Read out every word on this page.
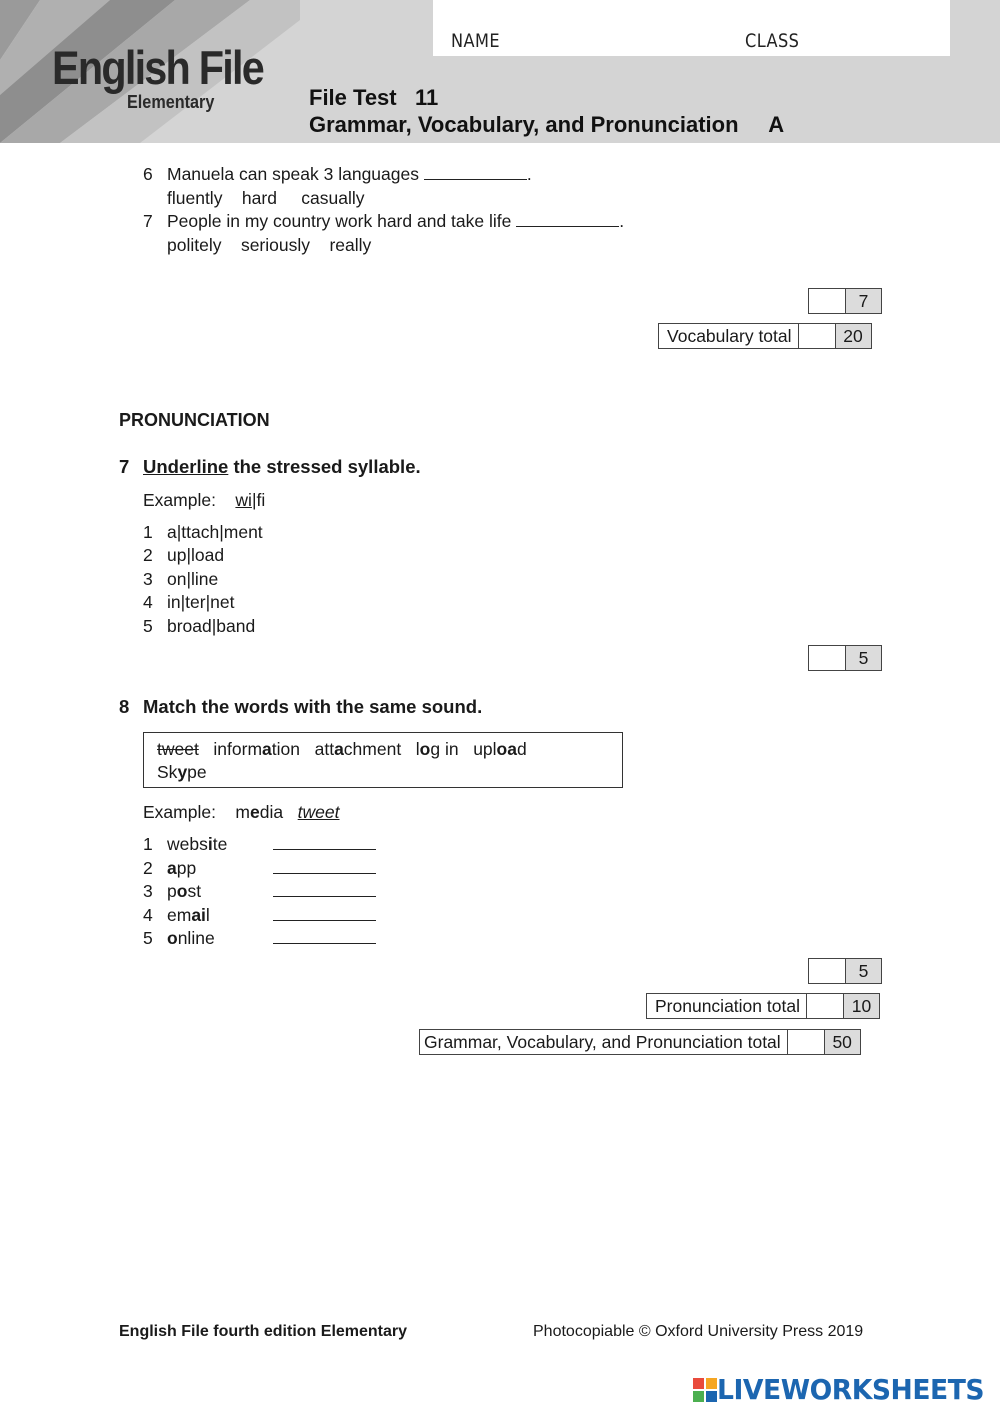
English File
Elementary
NAME	CLASS
File Test   11
Grammar, Vocabulary, and Pronunciation A
6 Manuela can speak 3 languages	.
fluently hard casually
7 People in my country work hard and take life	.
politely seriously really
7
Vocabulary total	20
PRONUNCIATION
7 Underline the stressed syllable.
Example: wi|fi
1 a|ttach|ment
2 up|load
3 on|line
4 in|ter|net
5 broad|band
5
8 Match the words with the same sound.
tweet information attachment log in upload
Skype
Example: media tweet
1 website
2 app
3 post
4 email
5 online
5
Pronunciation total	10
Grammar, Vocabulary, and Pronunciation total	50
English File fourth edition Elementary	Photocopiable © Oxford University Press 2019
LIVEWORKSHEETS
